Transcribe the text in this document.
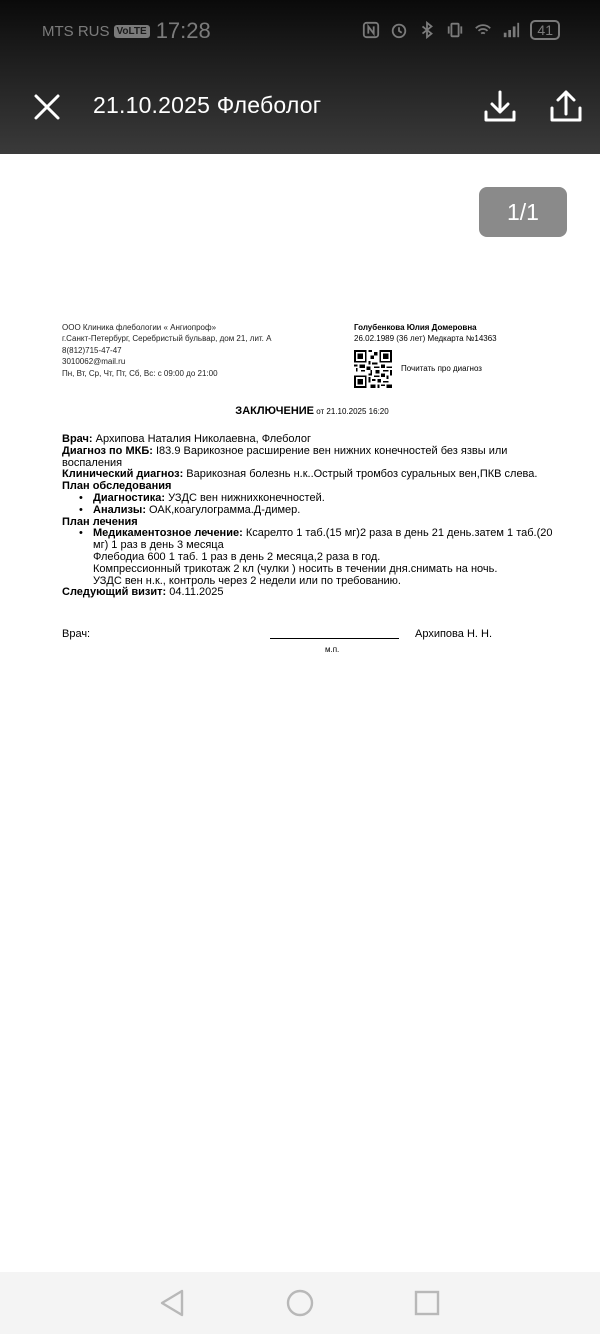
MTS RUS VoLTE 17:28	41
21.10.2025 Флеболог
1/1
ООО Клиника флебологии « Ангиопроф»
г.Санкт-Петербург, Серебристый бульвар, дом 21, лит. А
8(812)715-47-47
3010062@mail.ru
Пн, Вт, Ср, Чт, Пт, Сб, Вс: с 09:00 до 21:00
Голубенкова Юлия Домеровна
26.02.1989 (36 лет) Медкарта №14363
Почитать про диагноз
ЗАКЛЮЧЕНИЕ от 21.10.2025 16:20
Врач: Архипова Наталия Николаевна, Флеболог
Диагноз по МКБ: I83.9 Варикозное расширение вен нижних конечностей без язвы или воспаления
Клинический диагноз: Варикозная болезнь н.к..Острый тромбоз суральных вен,ПКВ слева.
План обследования
• Диагностика: УЗДС вен нижнихконечностей.
• Анализы: ОАК,коагулограмма.Д-димер.
План лечения
• Медикаментозное лечение: Ксарелто 1 таб.(15 мг)2 раза в день 21 день.затем 1 таб.(20 мг) 1 раз в день 3 месяца
Флебодиа 600 1 таб. 1 раз в день 2 месяца,2 раза в год.
Компрессионный трикотаж 2 кл (чулки ) носить в течении дня.снимать на ночь.
УЗДС вен н.к., контроль через 2 недели или по требованию.
Следующий визит: 04.11.2025
Врач:
м.п.
Архипова Н. Н.
